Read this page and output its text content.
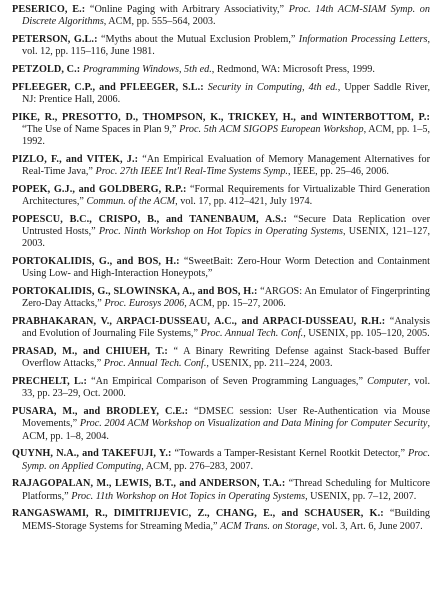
PESERICO, E.: “Online Paging with Arbitrary Associativity,” Proc. 14th ACM-SIAM Symp. on Discrete Algorithms, ACM, pp. 555–564, 2003.
PETERSON, G.L.: “Myths about the Mutual Exclusion Problem,” Information Processing Letters, vol. 12, pp. 115–116, June 1981.
PETZOLD, C.: Programming Windows, 5th ed., Redmond, WA: Microsoft Press, 1999.
PFLEEGER, C.P., and PFLEEGER, S.L.: Security in Computing, 4th ed., Upper Saddle River, NJ: Prentice Hall, 2006.
PIKE, R., PRESOTTO, D., THOMPSON, K., TRICKEY, H., and WINTERBOTTOM, P.: “The Use of Name Spaces in Plan 9,” Proc. 5th ACM SIGOPS European Workshop, ACM, pp. 1–5, 1992.
PIZLO, F., and VITEK, J.: “An Empirical Evaluation of Memory Management Alternatives for Real-Time Java,” Proc. 27th IEEE Int'l Real-Time Systems Symp., IEEE, pp. 25–46, 2006.
POPEK, G.J., and GOLDBERG, R.P.: “Formal Requirements for Virtualizable Third Generation Architectures,” Commun. of the ACM, vol. 17, pp. 412–421, July 1974.
POPESCU, B.C., CRISPO, B., and TANENBAUM, A.S.: “Secure Data Replication over Untrusted Hosts,” Proc. Ninth Workshop on Hot Topics in Operating Systems, USENIX, 121–127, 2003.
PORTOKALIDIS, G., and BOS, H.: “SweetBait: Zero-Hour Worm Detection and Containment Using Low- and High-Interaction Honeypots,”
PORTOKALIDIS, G., SLOWINSKA, A., and BOS, H.: “ARGOS: An Emulator of Fingerprinting Zero-Day Attacks,” Proc. Eurosys 2006, ACM, pp. 15–27, 2006.
PRABHAKARAN, V., ARPACI-DUSSEAU, A.C., and ARPACI-DUSSEAU, R.H.: “Analysis and Evolution of Journaling File Systems,” Proc. Annual Tech. Conf., USENIX, pp. 105–120, 2005.
PRASAD, M., and CHIUEH, T.: “ A Binary Rewriting Defense against Stack-based Buffer Overflow Attacks,” Proc. Annual Tech. Conf., USENIX, pp. 211–224, 2003.
PRECHELT, L.: “An Empirical Comparison of Seven Programming Languages,” Computer, vol. 33, pp. 23–29, Oct. 2000.
PUSARA, M., and BRODLEY, C.E.: “DMSEC session: User Re-Authentication via Mouse Movements,” Proc. 2004 ACM Workshop on Visualization and Data Mining for Computer Security, ACM, pp. 1–8, 2004.
QUYNH, N.A., and TAKEFUJI, Y.: “Towards a Tamper-Resistant Kernel Rootkit Detector,” Proc. Symp. on Applied Computing, ACM, pp. 276–283, 2007.
RAJAGOPALAN, M., LEWIS, B.T., and ANDERSON, T.A.: “Thread Scheduling for Multicore Platforms,” Proc. 11th Workshop on Hot Topics in Operating Systems, USENIX, pp. 7–12, 2007.
RANGASWAMI, R., DIMITRIJEVIC, Z., CHANG, E., and SCHAUSER, K.: “Building MEMS-Storage Systems for Streaming Media,” ACM Trans. on Storage, vol. 3, Art. 6, June 2007.
